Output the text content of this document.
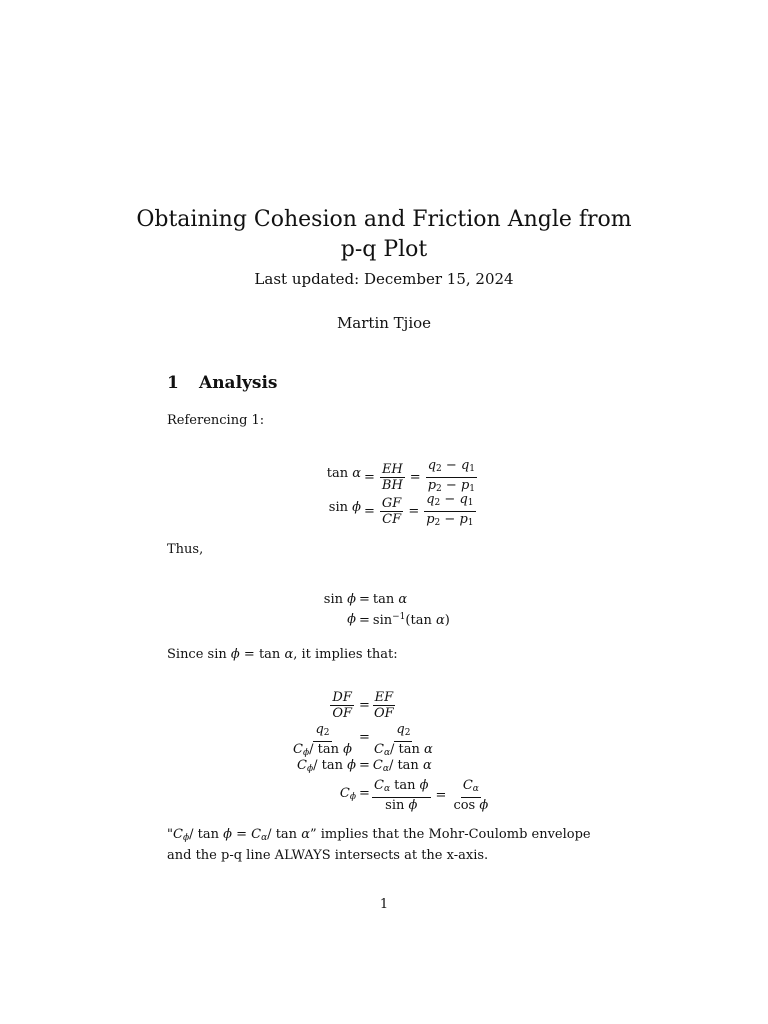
Obtaining Cohesion and Friction Angle from p-q Plot
Last updated: December 15, 2024
Martin Tjioe
1 Analysis

Referencing 1:

$\tan \alpha = \frac{EH}{BH} = \frac{q_2 - q_1}{p_2 - p_1}$
$\sin \phi = \frac{GF}{CF} = \frac{q_2 - q_1}{p_2 - p_1}$

Thus,

sin ϕ = tan α
$\phi = \sin^{-1}(\tan$ α)

Since sin ϕ = tan α, it implies that:

$\frac{DF}{OF} = \frac{EF}{OF}$
$\frac{q_2}{C_\phi/ \tan \phi} = \frac{q_2}{C_\alpha/ \tan \alpha}$
$C_\phi/$ $\tan \phi = C_\alpha/$ tan α
$C_\phi = \frac{C_\alpha \tan \phi}{\text{sin ϕ}} = \frac{C_\alpha}{\text{cos ϕ}}$

"$C_\phi/$ $\tan \phi = C_\alpha/$ tan α” implies that the Mohr-Coulomb envelope and the p-q line ALWAYS intersects at the x-axis.

1
